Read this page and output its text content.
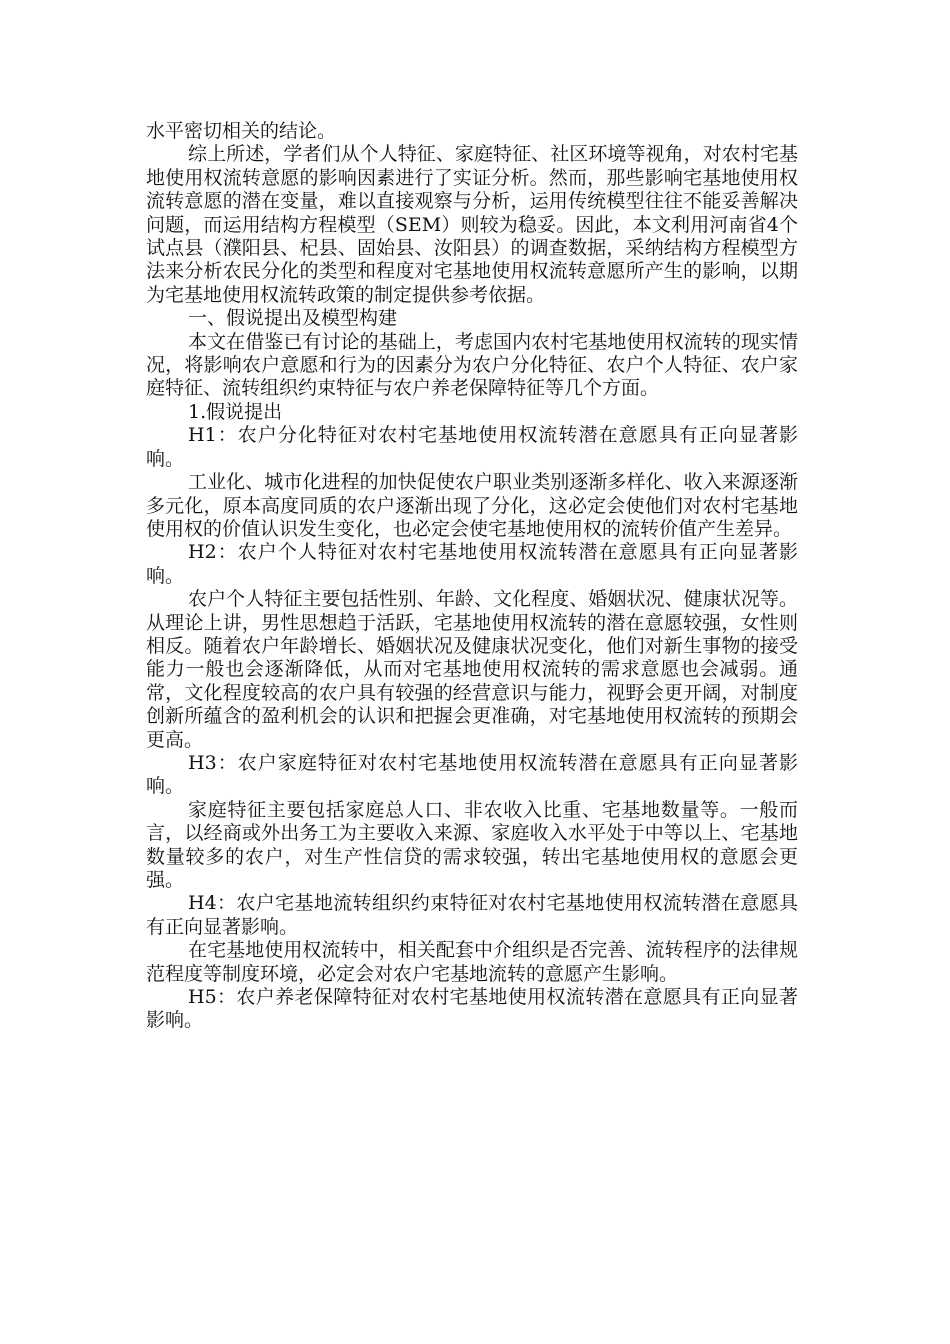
水平密切相关的结论。

综上所述，学者们从个人特征、家庭特征、社区环境等视角，对农村宅基地使用权流转意愿的影响因素进行了实证分析。然而，那些影响宅基地使用权流转意愿的潜在变量，难以直接观察与分析，运用传统模型往往不能妥善解决问题，而运用结构方程模型（SEM）则较为稳妥。因此，本文利用河南省4个试点县（濮阳县、杞县、固始县、汝阳县）的调查数据，采纳结构方程模型方法来分析农民分化的类型和程度对宅基地使用权流转意愿所产生的影响，以期为宅基地使用权流转政策的制定提供参考依据。

一、假说提出及模型构建

本文在借鉴已有讨论的基础上，考虑国内农村宅基地使用权流转的现实情况，将影响农户意愿和行为的因素分为农户分化特征、农户个人特征、农户家庭特征、流转组织约束特征与农户养老保障特征等几个方面。

1.假说提出

H1：农户分化特征对农村宅基地使用权流转潜在意愿具有正向显著影响。

工业化、城市化进程的加快促使农户职业类别逐渐多样化、收入来源逐渐多元化，原本高度同质的农户逐渐出现了分化，这必定会使他们对农村宅基地使用权的价值认识发生变化，也必定会使宅基地使用权的流转价值产生差异。

H2：农户个人特征对农村宅基地使用权流转潜在意愿具有正向显著影响。

农户个人特征主要包括性别、年龄、文化程度、婚姻状况、健康状况等。从理论上讲，男性思想趋于活跃，宅基地使用权流转的潜在意愿较强，女性则相反。随着农户年龄增长、婚姻状况及健康状况变化，他们对新生事物的接受能力一般也会逐渐降低，从而对宅基地使用权流转的需求意愿也会减弱。通常，文化程度较高的农户具有较强的经营意识与能力，视野会更开阔，对制度创新所蕴含的盈利机会的认识和把握会更准确，对宅基地使用权流转的预期会更高。

H3：农户家庭特征对农村宅基地使用权流转潜在意愿具有正向显著影响。

家庭特征主要包括家庭总人口、非农收入比重、宅基地数量等。一般而言，以经商或外出务工为主要收入来源、家庭收入水平处于中等以上、宅基地数量较多的农户，对生产性信贷的需求较强，转出宅基地使用权的意愿会更强。

H4：农户宅基地流转组织约束特征对农村宅基地使用权流转潜在意愿具有正向显著影响。

在宅基地使用权流转中，相关配套中介组织是否完善、流转程序的法律规范程度等制度环境，必定会对农户宅基地流转的意愿产生影响。

H5：农户养老保障特征对农村宅基地使用权流转潜在意愿具有正向显著影响。
